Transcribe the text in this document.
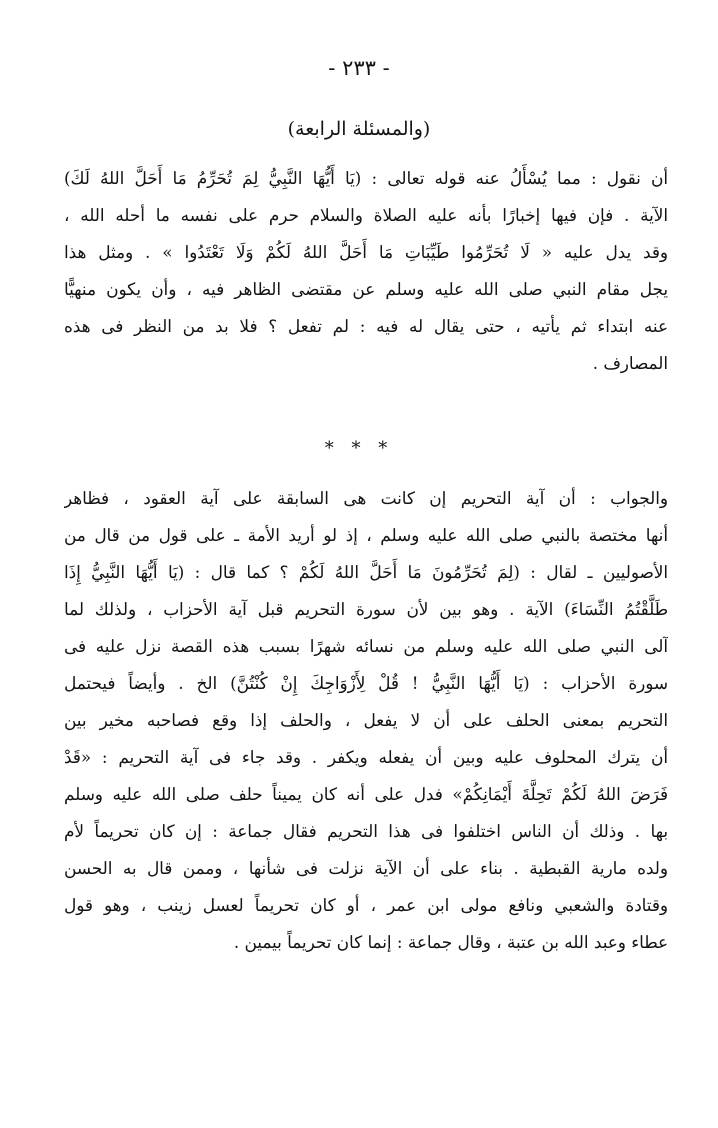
- ٢٣٣ -
(والمسئلة الرابعة)
أن نقول : مما يُسْأَلُ عنه قوله تعالى : (يَا أَيُّهَا النَّبِيُّ لِمَ تُحَرِّمُ مَا أَحَلَّ اللهُ لَكَ)
الآية . فإن فيها إخبارًا بأنه عليه الصلاة والسلام حرم على نفسه ما أحله الله ،
وقد يدل عليه « لَا تُحَرِّمُوا طَيِّبَاتِ مَا أَحَلَّ اللهُ لَكُمْ وَلَا تَعْتَدُوا » . ومثل هذا
يجل مقام النبي صلى الله عليه وسلم عن مقتضى الظاهر فيه ، وأن يكون منهيًّا
عنه ابتداء ثم يأتيه ، حتى يقال له فيه : لم تفعل ؟ فلا بد من النظر فى هذه
المصارف .
* * *
والجواب : أن آية التحريم إن كانت هى السابقة على آية العقود ، فظاهر
أنها مختصة بالنبي صلى الله عليه وسلم ، إذ لو أريد الأمة ـ على قول من قال من
الأصوليين ـ لقال : (لِمَ تُحَرِّمُونَ مَا أَحَلَّ اللهُ لَكُمْ ؟ كما قال : (يَا أَيُّهَا النَّبِيُّ إِذَا
طَلَّقْتُمُ النِّسَاءَ) الآية . وهو بين لأن سورة التحريم قبل آية الأحزاب ، ولذلك لما
آلى النبي صلى الله عليه وسلم من نسائه شهرًا بسبب هذه القصة نزل عليه فى
سورة الأحزاب : (يَا أَيُّهَا النَّبِيُّ ! قُلْ لِأَزْوَاجِكَ إِنْ كُنْتُنَّ) الخ . وأيضاً فيحتمل
التحريم بمعنى الحلف على أن لا يفعل ، والحلف إذا وقع فصاحبه مخير بين
أن يترك المحلوف عليه وبين أن يفعله ويكفر . وقد جاء فى آية التحريم : «قَدْ
فَرَضَ اللهُ لَكُمْ تَحِلَّةَ أَيْمَانِكُمْ» فدل على أنه كان يميناً حلف صلى الله عليه وسلم
بها . وذلك أن الناس اختلفوا فى هذا التحريم فقال جماعة : إن كان تحريماً لأم
ولده مارية القبطية . بناء على أن الآية نزلت فى شأنها ، وممن قال به الحسن
وقتادة والشعبي ونافع مولى ابن عمر ، أو كان تحريماً لعسل زينب ، وهو قول
عطاء وعبد الله بن عتبة ، وقال جماعة : إنما كان تحريماً بيمين .
